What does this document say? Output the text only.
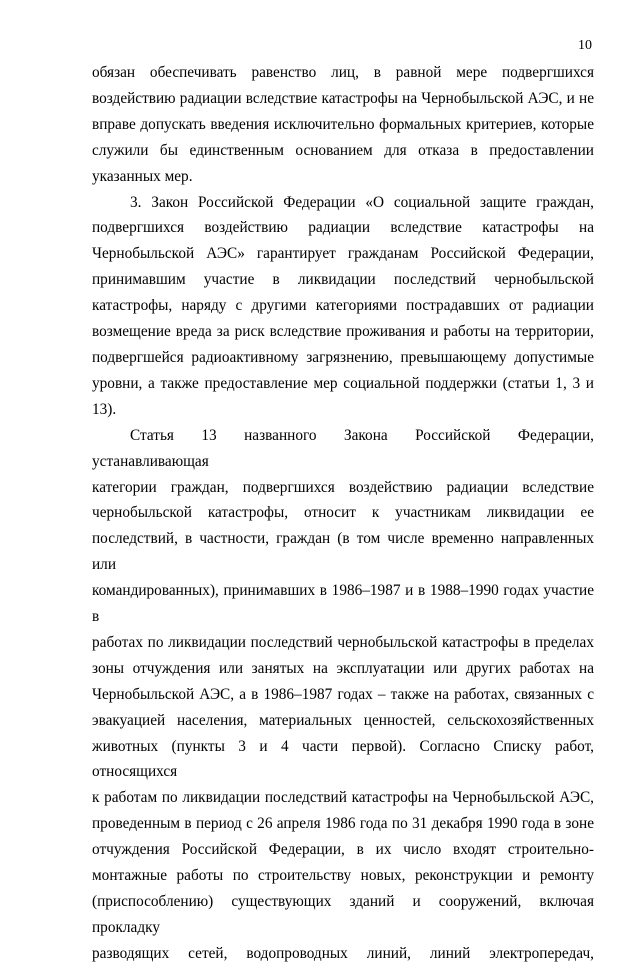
10

обязан обеспечивать равенство лиц, в равной мере подвергшихся
воздействию радиации вследствие катастрофы на Чернобыльской АЭС, и не
вправе допускать введения исключительно формальных критериев, которые
служили бы единственным основанием для отказа в предоставлении
указанных мер.

3. Закон Российской Федерации «О социальной защите граждан,
подвергшихся воздействию радиации вследствие катастрофы на
Чернобыльской АЭС» гарантирует гражданам Российской Федерации,
принимавшим участие в ликвидации последствий чернобыльской
катастрофы, наряду с другими категориями пострадавших от радиации
возмещение вреда за риск вследствие проживания и работы на территории,
подвергшейся радиоактивному загрязнению, превышающему допустимые
уровни, а также предоставление мер социальной поддержки (статьи 1, 3 и 13).

Статья 13 названного Закона Российской Федерации, устанавливающая
категории граждан, подвергшихся воздействию радиации вследствие
чернобыльской катастрофы, относит к участникам ликвидации ее
последствий, в частности, граждан (в том числе временно направленных или
командированных), принимавших в 1986–1987 и в 1988–1990 годах участие в
работах по ликвидации последствий чернобыльской катастрофы в пределах
зоны отчуждения или занятых на эксплуатации или других работах на
Чернобыльской АЭС, а в 1986–1987 годах – также на работах, связанных с
эвакуацией населения, материальных ценностей, сельскохозяйственных
животных (пункты 3 и 4 части первой). Согласно Списку работ, относящихся
к работам по ликвидации последствий катастрофы на Чернобыльской АЭС,
проведенным в период с 26 апреля 1986 года по 31 декабря 1990 года в зоне
отчуждения Российской Федерации, в их число входят строительно-
монтажные работы по строительству новых, реконструкции и ремонту
(приспособлению) существующих зданий и сооружений, включая прокладку
разводящих сетей, водопроводных линий, линий электропередач,
